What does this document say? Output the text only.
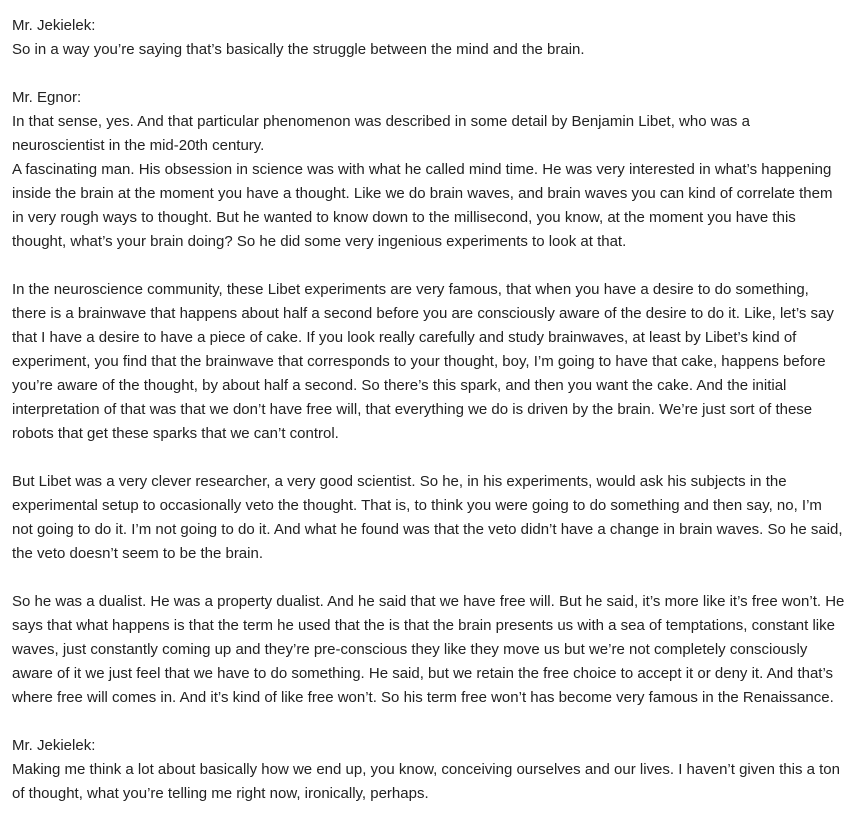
Mr. Jekielek:
So in a way you’re saying that’s basically the struggle between the mind and the brain.
Mr. Egnor:
In that sense, yes. And that particular phenomenon was described in some detail by Benjamin Libet, who was a
neuroscientist in the mid-20th century.
A fascinating man. His obsession in science was with what he called mind time. He was very interested in what’s happening
inside the brain at the moment you have a thought. Like we do brain waves, and brain waves you can kind of correlate them
in very rough ways to thought. But he wanted to know down to the millisecond, you know, at the moment you have this
thought, what’s your brain doing? So he did some very ingenious experiments to look at that.
In the neuroscience community, these Libet experiments are very famous, that when you have a desire to do something,
there is a brainwave that happens about half a second before you are consciously aware of the desire to do it. Like, let’s say
that I have a desire to have a piece of cake. If you look really carefully and study brainwaves, at least by Libet’s kind of
experiment, you find that the brainwave that corresponds to your thought, boy, I’m going to have that cake, happens before
you’re aware of the thought, by about half a second. So there’s this spark, and then you want the cake. And the initial
interpretation of that was that we don’t have free will, that everything we do is driven by the brain. We’re just sort of these
robots that get these sparks that we can’t control.
But Libet was a very clever researcher, a very good scientist. So he, in his experiments, would ask his subjects in the
experimental setup to occasionally veto the thought. That is, to think you were going to do something and then say, no, I’m
not going to do it. I’m not going to do it. And what he found was that the veto didn’t have a change in brain waves. So he said,
the veto doesn’t seem to be the brain.
So he was a dualist. He was a property dualist. And he said that we have free will. But he said, it’s more like it’s free won’t. He
says that what happens is that the term he used that the is that the brain presents us with a sea of temptations, constant like
waves, just constantly coming up and they’re pre-conscious they like they move us but we’re not completely consciously
aware of it we just feel that we have to do something. He said, but we retain the free choice to accept it or deny it. And that’s
where free will comes in. And it’s kind of like free won’t. So his term free won’t has become very famous in the Renaissance.
Mr. Jekielek:
Making me think a lot about basically how we end up, you know, conceiving ourselves and our lives. I haven’t given this a ton
of thought, what you’re telling me right now, ironically, perhaps.
